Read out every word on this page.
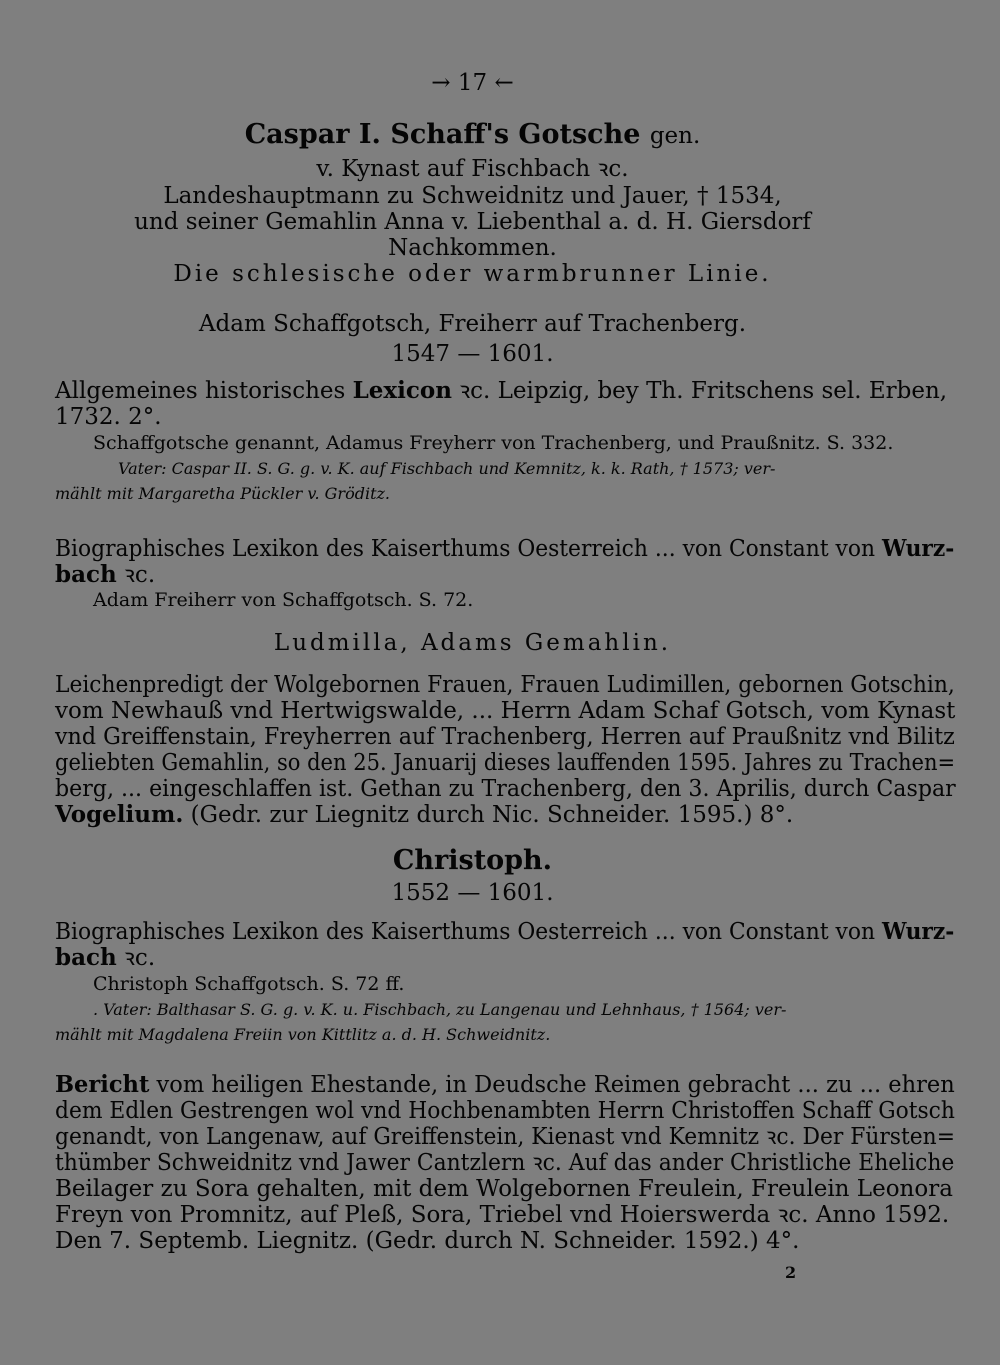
→ 17 ←
Caspar I. Schaff's Gotsche gen.
v. Kynast auf Fischbach ꝛc.
Landeshauptmann zu Schweidnitz und Jauer, † 1534,
und seiner Gemahlin Anna v. Liebenthal a. d. H. Giersdorf
Nachkommen.
Die schlesische oder warmbrunner Linie.
Adam Schaffgotsch, Freiherr auf Trachenberg.
1547 — 1601.
Allgemeines historisches Lexicon ꝛc. Leipzig, bey Th. Fritschens sel. Erben,
1732. 2°.
Schaffgotsche genannt, Adamus Freyherr von Trachenberg, und Praußnitz. S. 332.
Vater: Caspar II. S. G. g. v. K. auf Fischbach und Kemnitz, k. k. Rath, † 1573; ver-
mählt mit Margaretha Pückler v. Gröditz.
Biographisches Lexikon des Kaiserthums Oesterreich ... von Constant von Wurz-
bach ꝛc.
Adam Freiherr von Schaffgotsch. S. 72.
Ludmilla, Adams Gemahlin.
Leichenpredigt der Wolgebornen Frauen, Frauen Ludimillen, gebornen Gotschin,
vom Newhauß vnd Hertwigswalde, ... Herrn Adam Schaf Gotsch, vom Kynast
vnd Greiffenstain, Freyherren auf Trachenberg, Herren auf Praußnitz vnd Bilitz
geliebten Gemahlin, so den 25. Januarij dieses lauffenden 1595. Jahres zu Trachen=
berg, ... eingeschlaffen ist. Gethan zu Trachenberg, den 3. Aprilis, durch Caspar
Vogelium. (Gedr. zur Liegnitz durch Nic. Schneider. 1595.) 8°.
Christoph.
1552 — 1601.
Biographisches Lexikon des Kaiserthums Oesterreich ... von Constant von Wurz-
bach ꝛc.
Christoph Schaffgotsch. S. 72 ff.
. Vater: Balthasar S. G. g. v. K. u. Fischbach, zu Langenau und Lehnhaus, † 1564; ver-
mählt mit Magdalena Freiin von Kittlitz a. d. H. Schweidnitz.
Bericht vom heiligen Ehestande, in Deudsche Reimen gebracht ... zu ... ehren
dem Edlen Gestrengen wol vnd Hochbenambten Herrn Christoffen Schaff Gotsch
genandt, von Langenaw, auf Greiffenstein, Kienast vnd Kemnitz ꝛc. Der Fürsten=
thümber Schweidnitz vnd Jawer Cantzlern ꝛc. Auf das ander Christliche Eheliche
Beilager zu Sora gehalten, mit dem Wolgebornen Freulein, Freulein Leonora
Freyn von Promnitz, auf Pleß, Sora, Triebel vnd Hoierswerda ꝛc. Anno 1592.
Den 7. Septemb. Liegnitz. (Gedr. durch N. Schneider. 1592.) 4°.
2
